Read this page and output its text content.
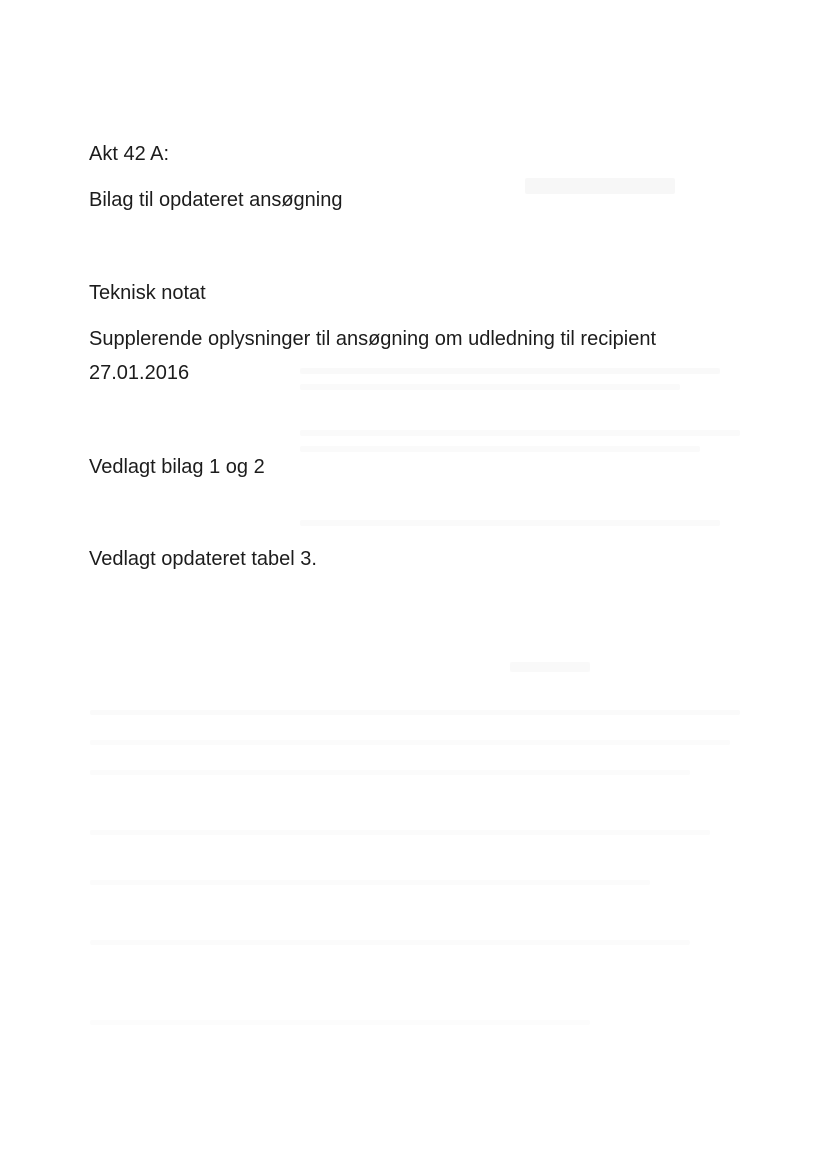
Akt 42 A:

Bilag til opdateret ansøgning

Teknisk notat

Supplerende oplysninger til ansøgning om udledning til recipient

27.01.2016

Vedlagt bilag 1 og 2

Vedlagt opdateret tabel 3.
